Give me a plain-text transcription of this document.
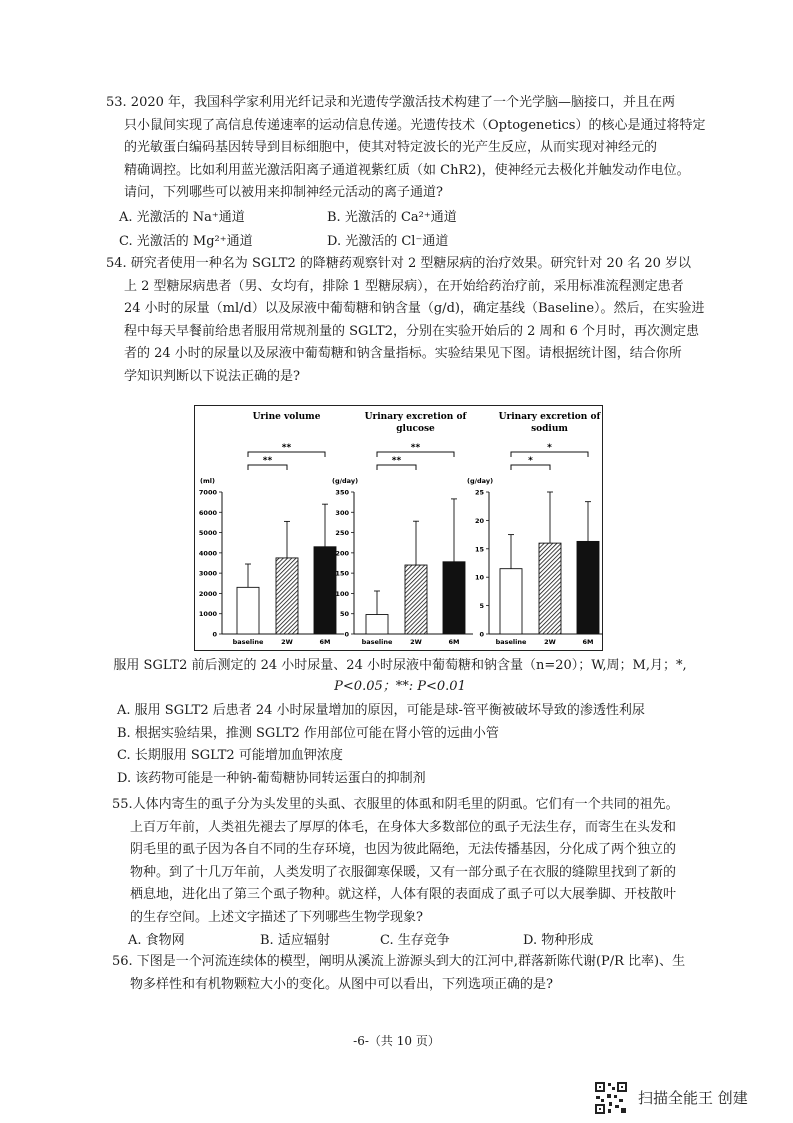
53. 2020 年，我国科学家利用光纤记录和光遗传学激活技术构建了一个光学脑—脑接口，并且在两

只小鼠间实现了高信息传递速率的运动信息传递。光遗传技术（Optogenetics）的核心是通过将特定

的光敏蛋白编码基因转导到目标细胞中，使其对特定波长的光产生反应，从而实现对神经元的

精确调控。比如利用蓝光激活阳离子通道视紫红质（如 ChR2)，使神经元去极化并触发动作电位。

请问，下列哪些可以被用来抑制神经元活动的离子通道?

A. 光激活的 Na⁺通道	B. 光激活的 Ca²⁺通道
C. 光激活的 Mg²⁺通道	D. 光激活的 Cl⁻通道

54. 研究者使用一种名为 SGLT2 的降糖药观察针对 2 型糖尿病的治疗效果。研究针对 20 名 20 岁以

上 2 型糖尿病患者（男、女均有，排除 1 型糖尿病），在开始给药治疗前，采用标准流程测定患者

24 小时的尿量（ml/d）以及尿液中葡萄糖和钠含量（g/d)，确定基线（Baseline）。然后，在实验进

程中每天早餐前给患者服用常规剂量的 SGLT2，分别在实验开始后的 2 周和 6 个月时，再次测定患

者的 24 小时的尿量以及尿液中葡萄糖和钠含量指标。实验结果见下图。请根据统计图，结合你所

学知识判断以下说法正确的是?

Urine volume
(ml)
0
1000
2000
3000
4000
5000
6000
7000
baseline	2W	6M
**
**
Urinary excretion of
glucose
(g/day)
0
50
100
150
200
250
300
350
baseline	2W	6M
**
**
Urinary excretion of
sodium
(g/day)
0
5
10
15
20
25
baseline	2W	6M
*
*
服用 SGLT2 前后测定的 24 小时尿量、24 小时尿液中葡萄糖和钠含量（n=20）；W,周；M,月；*,
P<0.05；**: P<0.01

A. 服用 SGLT2 后患者 24 小时尿量增加的原因，可能是球-管平衡被破坏导致的渗透性利尿

B. 根据实验结果，推测 SGLT2 作用部位可能在肾小管的远曲小管

C. 长期服用 SGLT2 可能增加血钾浓度

D. 该药物可能是一种钠-葡萄糖协同转运蛋白的抑制剂

55.人体内寄生的虱子分为头发里的头虱、衣服里的体虱和阴毛里的阴虱。它们有一个共同的祖先。

上百万年前，人类祖先褪去了厚厚的体毛，在身体大多数部位的虱子无法生存，而寄生在头发和

阴毛里的虱子因为各自不同的生存环境，也因为彼此隔绝，无法传播基因，分化成了两个独立的

物种。到了十几万年前，人类发明了衣服御寒保暖，又有一部分虱子在衣服的缝隙里找到了新的

栖息地，进化出了第三个虱子物种。就这样，人体有限的表面成了虱子可以大展拳脚、开枝散叶

的生存空间。上述文字描述了下列哪些生物学现象?

A. 食物网	B. 适应辐射	C. 生存竞争	D. 物种形成

56. 下图是一个河流连续体的模型，阐明从溪流上游源头到大的江河中,群落新陈代谢(P/R 比率)、生

物多样性和有机物颗粒大小的变化。从图中可以看出，下列选项正确的是?

-6-（共 10 页）
扫描全能王 创建
